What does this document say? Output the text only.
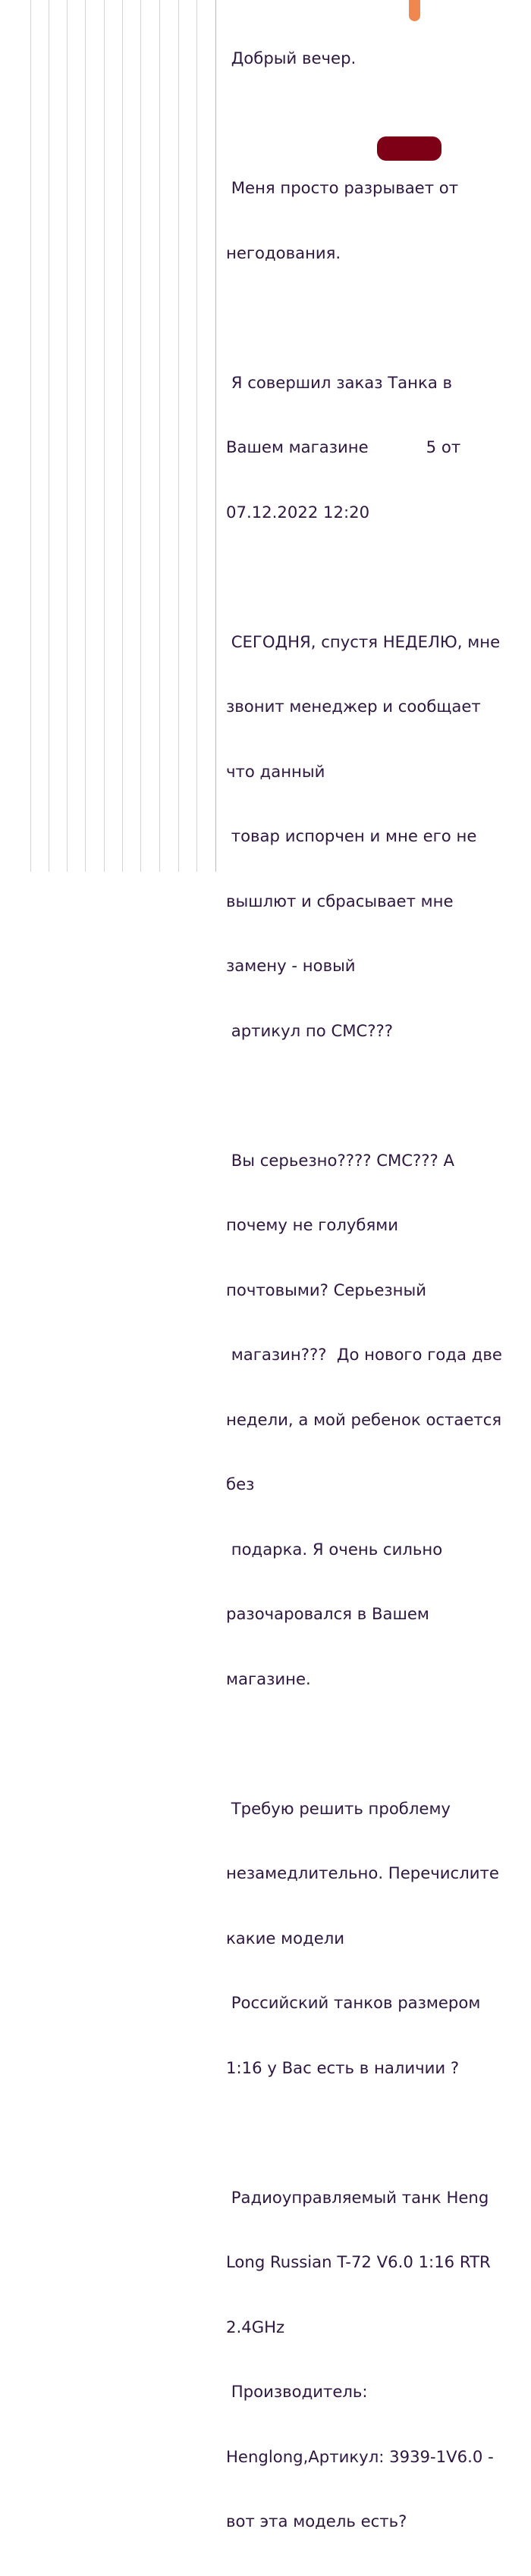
Добрый вечер.

Меня просто разрывает от

негодования.

Я совершил заказ Танка в

Вашем магазине	5 от

07.12.2022 12:20

СЕГОДНЯ, спустя НЕДЕЛЮ, мне

звонит менеджер и сообщает

что данный

товар испорчен и мне его не

вышлют и сбрасывает мне

замену - новый

артикул по СМС???

Вы серьезно???? СМС??? А

почему не голубями

почтовыми? Серьезный

магазин???  До нового года две

недели, а мой ребенок остается

без

подарка. Я очень сильно

разочаровался в Вашем

магазине.

Требую решить проблему

незамедлительно. Перечислите

какие модели

Российский танков размером

1:16 у Вас есть в наличии ?

Радиоуправляемый танк Heng

Long Russian T-72 V6.0 1:16 RTR

2.4GHz

Производитель:

Henglong,Артикул: 3939-1V6.0 -

вот эта модель есть?
